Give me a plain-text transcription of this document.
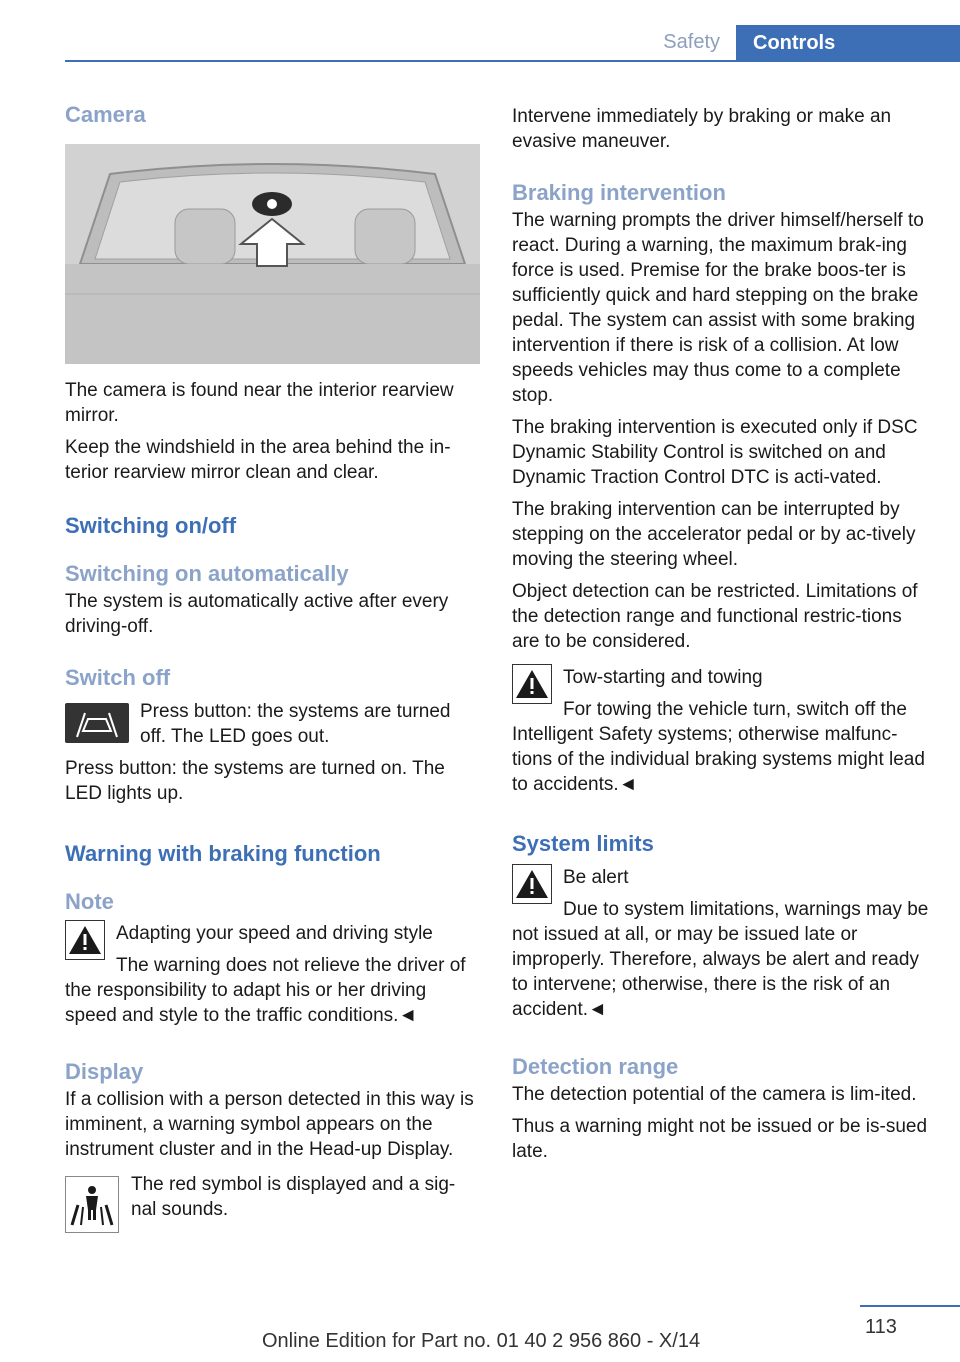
Safety	Controls
Camera

The camera is found near the interior rearview mirror.

Keep the windshield in the area behind the in-terior rearview mirror clean and clear.

Switching on/off
Switching on automatically

The system is automatically active after every driving-off.

Switch off

Press button: the systems are turned off. The LED goes out.

Press button: the systems are turned on. The LED lights up.

Warning with braking function
Note

Adapting your speed and driving style

The warning does not relieve the driver of the responsibility to adapt his or her driving speed and style to the traffic conditions.◄

Display

If a collision with a person detected in this way is imminent, a warning symbol appears on the instrument cluster and in the Head-up Display.

The red symbol is displayed and a sig-nal sounds.

Intervene immediately by braking or make an evasive maneuver.

Braking intervention

The warning prompts the driver himself/herself to react. During a warning, the maximum brak-ing force is used. Premise for the brake boos-ter is sufficiently quick and hard stepping on the brake pedal. The system can assist with some braking intervention if there is risk of a collision. At low speeds vehicles may thus come to a complete stop.

The braking intervention is executed only if DSC Dynamic Stability Control is switched on and Dynamic Traction Control DTC is acti-vated.

The braking intervention can be interrupted by stepping on the accelerator pedal or by ac-tively moving the steering wheel.

Object detection can be restricted. Limitations of the detection range and functional restric-tions are to be considered.

Tow-starting and towing

For towing the vehicle turn, switch off the Intelligent Safety systems; otherwise malfunc-tions of the individual braking systems might lead to accidents.◄

System limits

Be alert

Due to system limitations, warnings may be not issued at all, or may be issued late or improperly. Therefore, always be alert and ready to intervene; otherwise, there is the risk of an accident.◄

Detection range

The detection potential of the camera is lim-ited.

Thus a warning might not be issued or be is-sued late.

113
Online Edition for Part no. 01 40 2 956 860 - X/14
